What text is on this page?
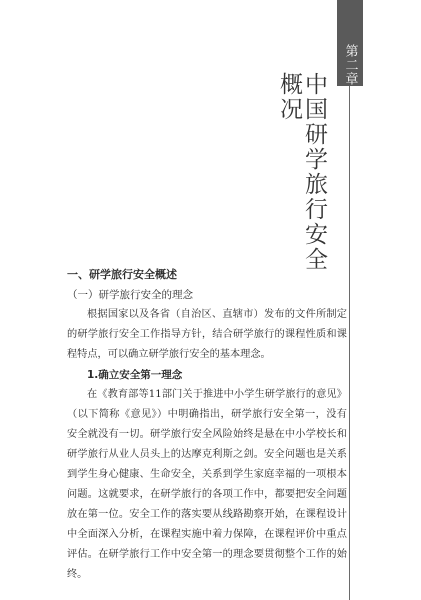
第二章
中国研学旅行安全
概况

一、研学旅行安全概述

（一）研学旅行安全的理念

根据国家以及各省（自治区、直辖市）发布的文件所制定的研学旅行安全工作指导方针，结合研学旅行的课程性质和课程特点，可以确立研学旅行安全的基本理念。

1.确立安全第一理念

在《教育部等11部门关于推进中小学生研学旅行的意见》（以下简称《意见》）中明确指出，研学旅行安全第一，没有安全就没有一切。研学旅行安全风险始终是悬在中小学校长和研学旅行从业人员头上的达摩克利斯之剑。安全问题也是关系到学生身心健康、生命安全，关系到学生家庭幸福的一项根本问题。这就要求，在研学旅行的各项工作中，都要把安全问题放在第一位。安全工作的落实要从线路勘察开始，在课程设计中全面深入分析，在课程实施中着力保障，在课程评价中重点评估。在研学旅行工作中安全第一的理念要贯彻整个工作的始终。
